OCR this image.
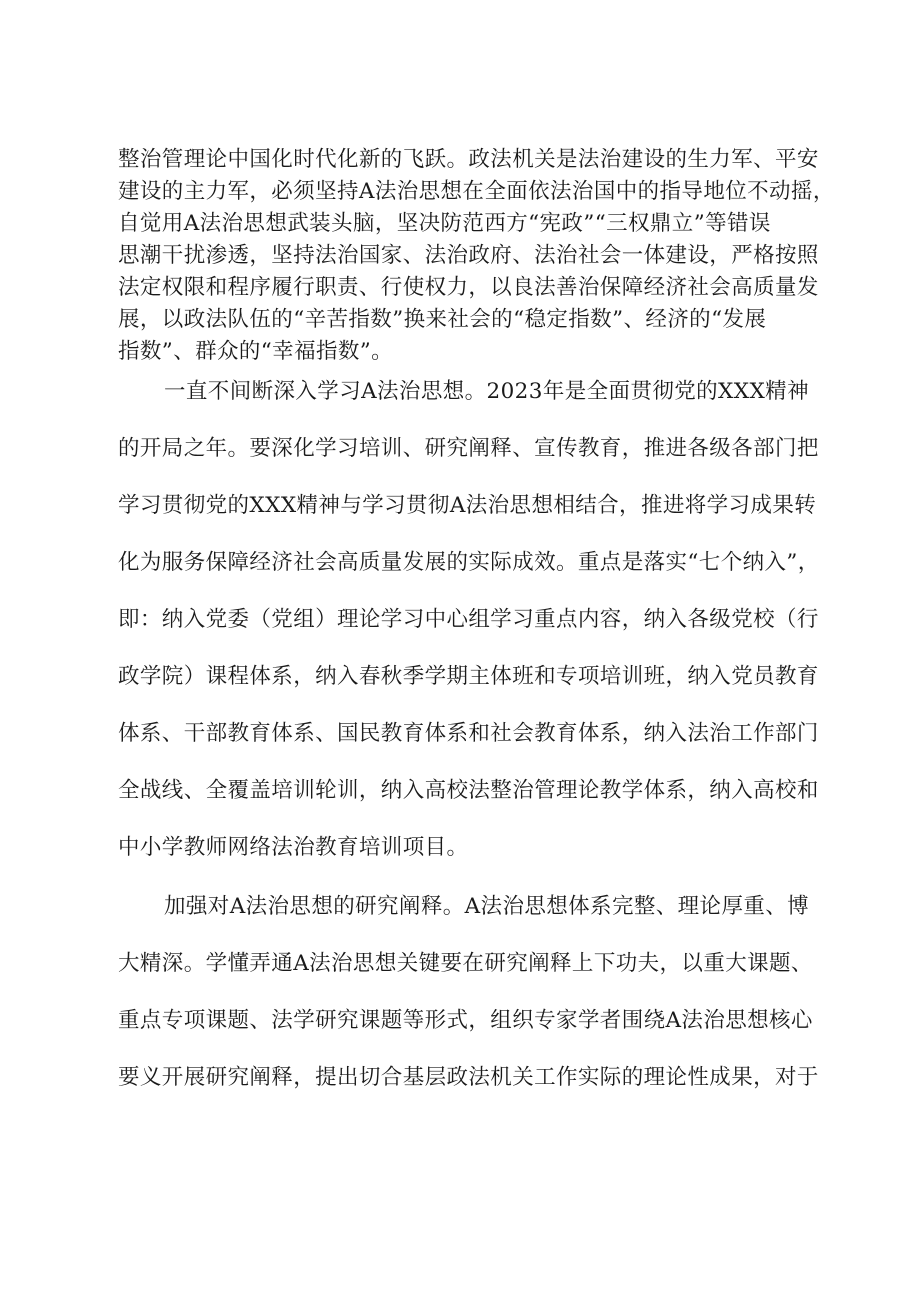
整治管理论中国化时代化新的飞跃。政法机关是法治建设的生力军、平安
建设的主力军，必须坚持A法治思想在全面依法治国中的指导地位不动摇，
自觉用A法治思想武装头脑，坚决防范西方“宪政”“三权鼎立”等错误
思潮干扰渗透，坚持法治国家、法治政府、法治社会一体建设，严格按照
法定权限和程序履行职责、行使权力，以良法善治保障经济社会高质量发
展，以政法队伍的“辛苦指数”换来社会的“稳定指数”、经济的“发展
指数”、群众的“幸福指数”。
一直不间断深入学习A法治思想。2023年是全面贯彻党的XXX精神
的开局之年。要深化学习培训、研究阐释、宣传教育，推进各级各部门把
学习贯彻党的XXX精神与学习贯彻A法治思想相结合，推进将学习成果转
化为服务保障经济社会高质量发展的实际成效。重点是落实“七个纳入”，
即：纳入党委（党组）理论学习中心组学习重点内容，纳入各级党校（行
政学院）课程体系，纳入春秋季学期主体班和专项培训班，纳入党员教育
体系、干部教育体系、国民教育体系和社会教育体系，纳入法治工作部门
全战线、全覆盖培训轮训，纳入高校法整治管理论教学体系，纳入高校和
中小学教师网络法治教育培训项目。
加强对A法治思想的研究阐释。A法治思想体系完整、理论厚重、博
大精深。学懂弄通A法治思想关键要在研究阐释上下功夫，以重大课题、
重点专项课题、法学研究课题等形式，组织专家学者围绕A法治思想核心
要义开展研究阐释，提出切合基层政法机关工作实际的理论性成果，对于
